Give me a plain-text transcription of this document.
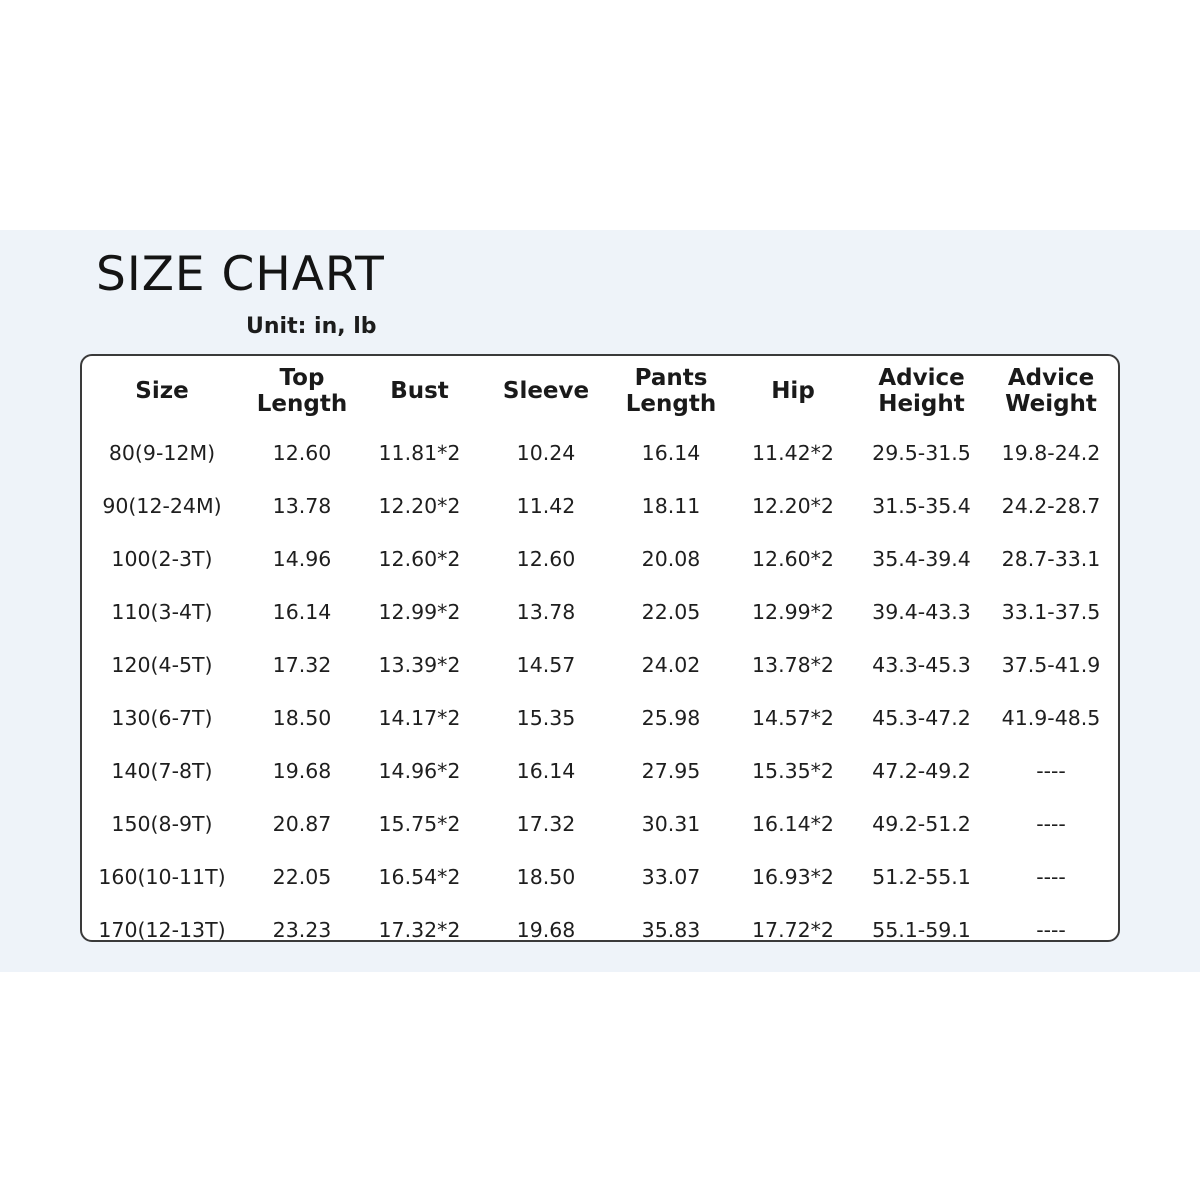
SIZE CHART
Unit: in, lb
Size	Top Length	Bust	Sleeve	Pants Length	Hip	Advice Height	Advice Weight
80(9-12M)	12.60	11.81*2	10.24	16.14	11.42*2	29.5-31.5	19.8-24.2
90(12-24M)	13.78	12.20*2	11.42	18.11	12.20*2	31.5-35.4	24.2-28.7
100(2-3T)	14.96	12.60*2	12.60	20.08	12.60*2	35.4-39.4	28.7-33.1
110(3-4T)	16.14	12.99*2	13.78	22.05	12.99*2	39.4-43.3	33.1-37.5
120(4-5T)	17.32	13.39*2	14.57	24.02	13.78*2	43.3-45.3	37.5-41.9
130(6-7T)	18.50	14.17*2	15.35	25.98	14.57*2	45.3-47.2	41.9-48.5
140(7-8T)	19.68	14.96*2	16.14	27.95	15.35*2	47.2-49.2	----
150(8-9T)	20.87	15.75*2	17.32	30.31	16.14*2	49.2-51.2	----
160(10-11T)	22.05	16.54*2	18.50	33.07	16.93*2	51.2-55.1	----
170(12-13T)	23.23	17.32*2	19.68	35.83	17.72*2	55.1-59.1	----
